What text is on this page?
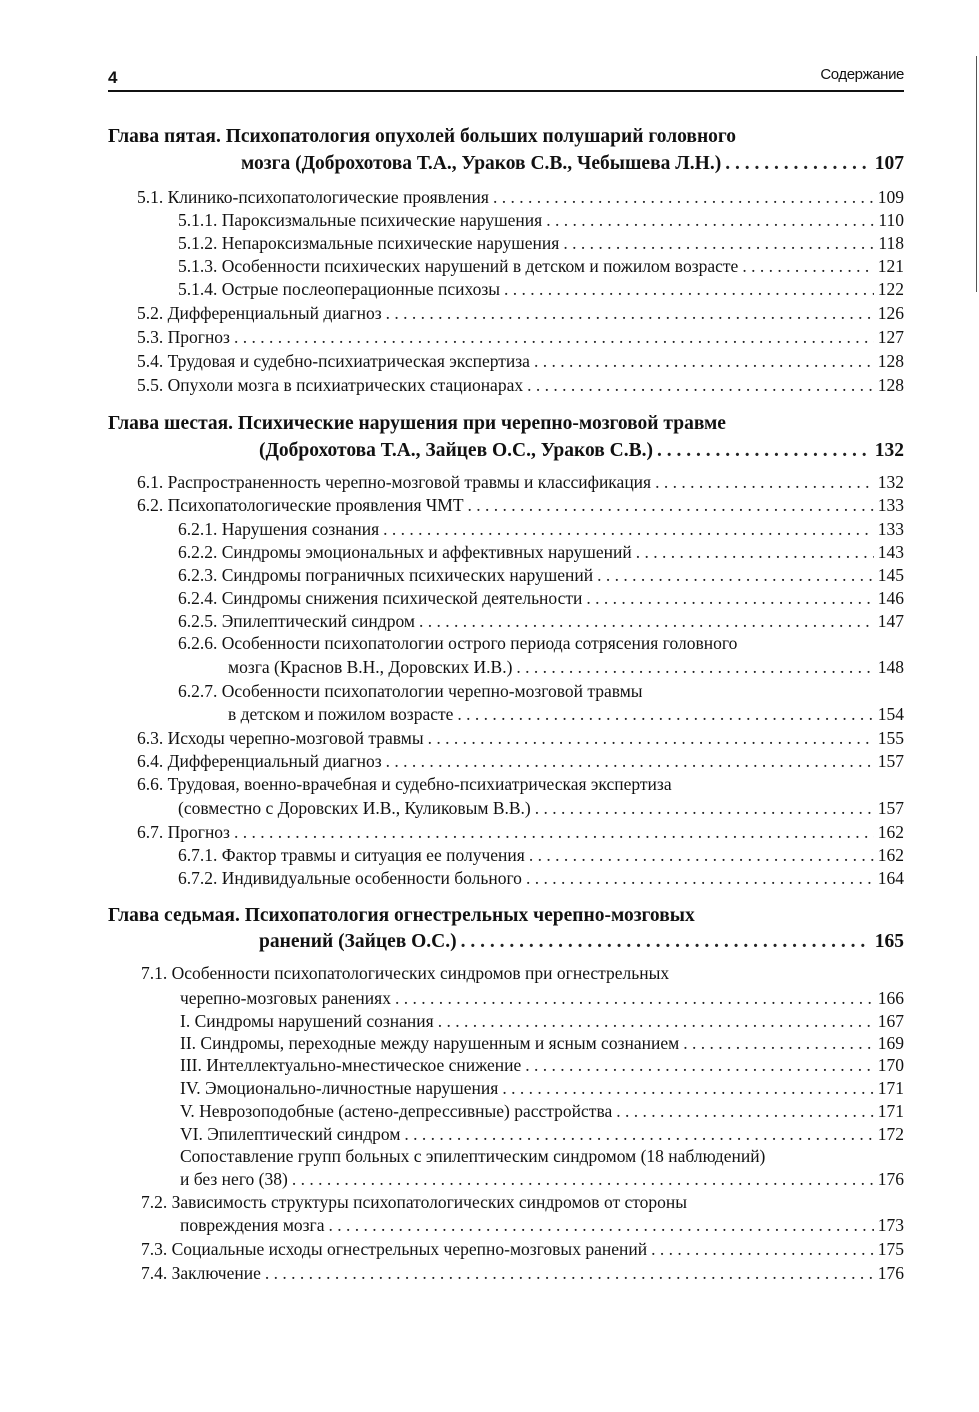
4	Содержание
Глава пятая. Психопатология опухолей больших полушарий головного
мозга (Доброхотова Т.А., Ураков С.В., Чебышева Л.Н.) . . .	107
5.1. Клинико-психопатологические проявления . . .	109
5.1.1. Пароксизмальные психические нарушения . . .	110
5.1.2. Непароксизмальные психические нарушения . . .	118
5.1.3. Особенности психических нарушений в детском и пожилом возрасте . . .	121
5.1.4. Острые послеоперационные психозы . . .	122
5.2. Дифференциальный диагноз . . .	126
5.3. Прогноз . . .	127
5.4. Трудовая и судебно-психиатрическая экспертиза . . .	128
5.5. Опухоли мозга в психиатрических стационарах . . .	128
Глава шестая. Психические нарушения при черепно-мозговой травме
(Доброхотова Т.А., Зайцев О.С., Ураков С.В.) . . .	132
6.1. Распространенность черепно-мозговой травмы и классификация . . .	132
6.2. Психопатологические проявления ЧМТ . . .	133
6.2.1. Нарушения сознания . . .	133
6.2.2. Синдромы эмоциональных и аффективных нарушений . . .	143
6.2.3. Синдромы пограничных психических нарушений . . .	145
6.2.4. Синдромы снижения психической деятельности . . .	146
6.2.5. Эпилептический синдром . . .	147
6.2.6. Особенности психопатологии острого периода сотрясения головного
мозга (Краснов В.Н., Доровских И.В.) . . .	148
6.2.7. Особенности психопатологии черепно-мозговой травмы
в детском и пожилом возрасте . . .	154
6.3. Исходы черепно-мозговой травмы . . .	155
6.4. Дифференциальный диагноз . . .	157
6.6. Трудовая, военно-врачебная и судебно-психиатрическая экспертиза
(совместно с Доровских И.В., Куликовым В.В.) . . .	157
6.7. Прогноз . . .	162
6.7.1. Фактор травмы и ситуация ее получения . . .	162
6.7.2. Индивидуальные особенности больного . . .	164
Глава седьмая. Психопатология огнестрельных черепно-мозговых
ранений (Зайцев О.С.) . . .	165
7.1. Особенности психопатологических синдромов при огнестрельных
черепно-мозговых ранениях . . .	166
I. Синдромы нарушений сознания . . .	167
II. Синдромы, переходные между нарушенным и ясным сознанием . . .	169
III. Интеллектуально-мнестическое снижение . . .	170
IV. Эмоционально-личностные нарушения . . .	171
V. Неврозоподобные (астено-депрессивные) расстройства . . .	171
VI. Эпилептический синдром . . .	172
Сопоставление групп больных с эпилептическим синдромом (18 наблюдений)
и без него (38) . . .	176
7.2. Зависимость структуры психопатологических синдромов от стороны
повреждения мозга . . .	173
7.3. Социальные исходы огнестрельных черепно-мозговых ранений . . .	175
7.4. Заключение . . .	176
